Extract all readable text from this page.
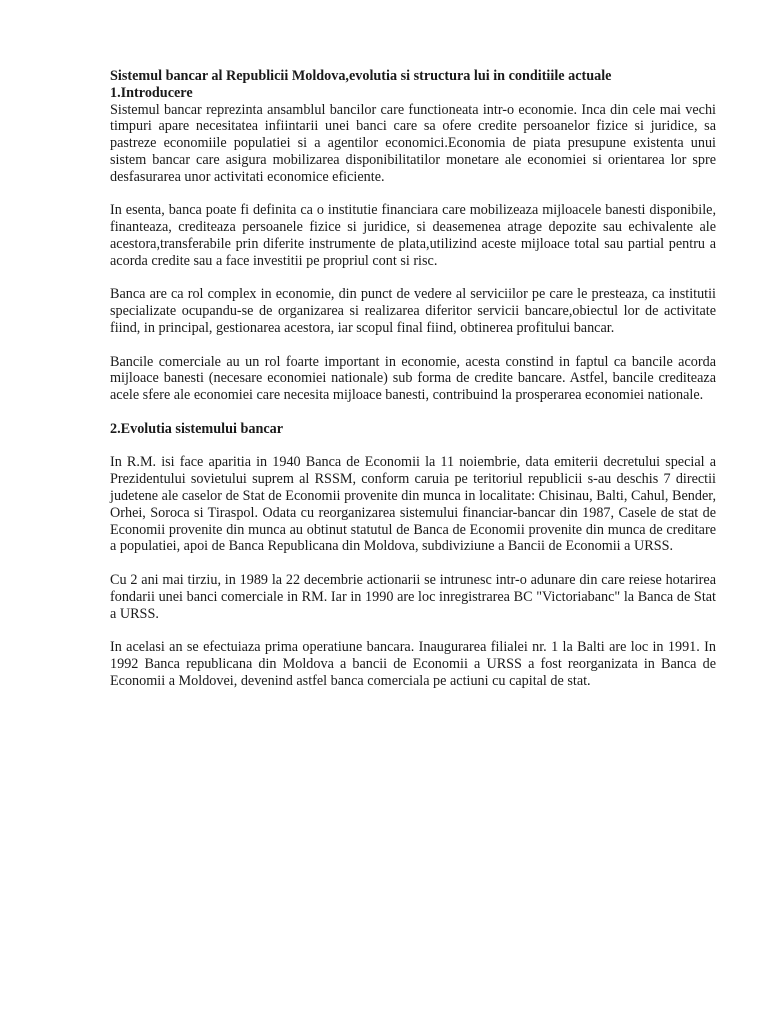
Sistemul bancar al Republicii Moldova,evolutia si structura lui in conditiile actuale

1.Introducere

Sistemul bancar reprezinta ansamblul bancilor care functioneata intr-o economie. Inca din cele mai vechi timpuri apare necesitatea infiintarii unei banci care sa ofere credite persoanelor fizice si juridice, sa pastreze economiile populatiei si a agentilor economici.Economia de piata presupune existenta unui sistem bancar care asigura mobilizarea disponibilitatilor monetare ale economiei si orientarea lor spre desfasurarea unor activitati economice eficiente.

In esenta, banca poate fi definita ca o institutie financiara care mobilizeaza mijloacele banesti disponibile, finanteaza, crediteaza persoanele fizice si juridice, si deasemenea atrage depozite sau echivalente ale acestora,transferabile prin diferite instrumente de plata,utilizind aceste mijloace total sau partial pentru a acorda credite sau a face investitii pe propriul cont si risc.

Banca are ca rol complex in economie, din punct de vedere al serviciilor pe care le presteaza, ca institutii specializate ocupandu-se de organizarea si realizarea diferitor servicii bancare,obiectul lor de activitate fiind, in principal, gestionarea acestora, iar scopul final fiind, obtinerea profitului bancar.

Bancile comerciale au un rol foarte important in economie, acesta constind in faptul ca bancile acorda mijloace banesti (necesare economiei nationale) sub forma de credite bancare. Astfel, bancile crediteaza acele sfere ale economiei care necesita mijloace banesti, contribuind la prosperarea economiei nationale.

2.Evolutia sistemului bancar

In R.M. isi face aparitia in 1940 Banca de Economii la 11 noiembrie, data emiterii decretului special a Prezidentului sovietului suprem al RSSM, conform caruia pe teritoriul republicii s-au deschis 7 directii judetene ale caselor de Stat de Economii provenite din munca in localitate: Chisinau, Balti, Cahul, Bender, Orhei, Soroca si Tiraspol. Odata cu reorganizarea sistemului financiar-bancar din 1987, Casele de stat de Economii provenite din munca au obtinut statutul de Banca de Economii provenite din munca de creditare a populatiei, apoi de Banca Republicana din Moldova, subdiviziune a Bancii de Economii a URSS.

Cu 2 ani mai tirziu, in 1989 la 22 decembrie actionarii se intrunesc intr-o adunare din care reiese hotarirea fondarii unei banci comerciale in RM. Iar in 1990 are loc inregistrarea BC "Victoriabanc" la Banca de Stat a URSS.

In acelasi an se efectuiaza prima operatiune bancara. Inaugurarea filialei nr. 1 la Balti are loc in 1991. In 1992 Banca republicana din Moldova a bancii de Economii a URSS a fost reorganizata in Banca de Economii a Moldovei, devenind astfel banca comerciala pe actiuni cu capital de stat.
